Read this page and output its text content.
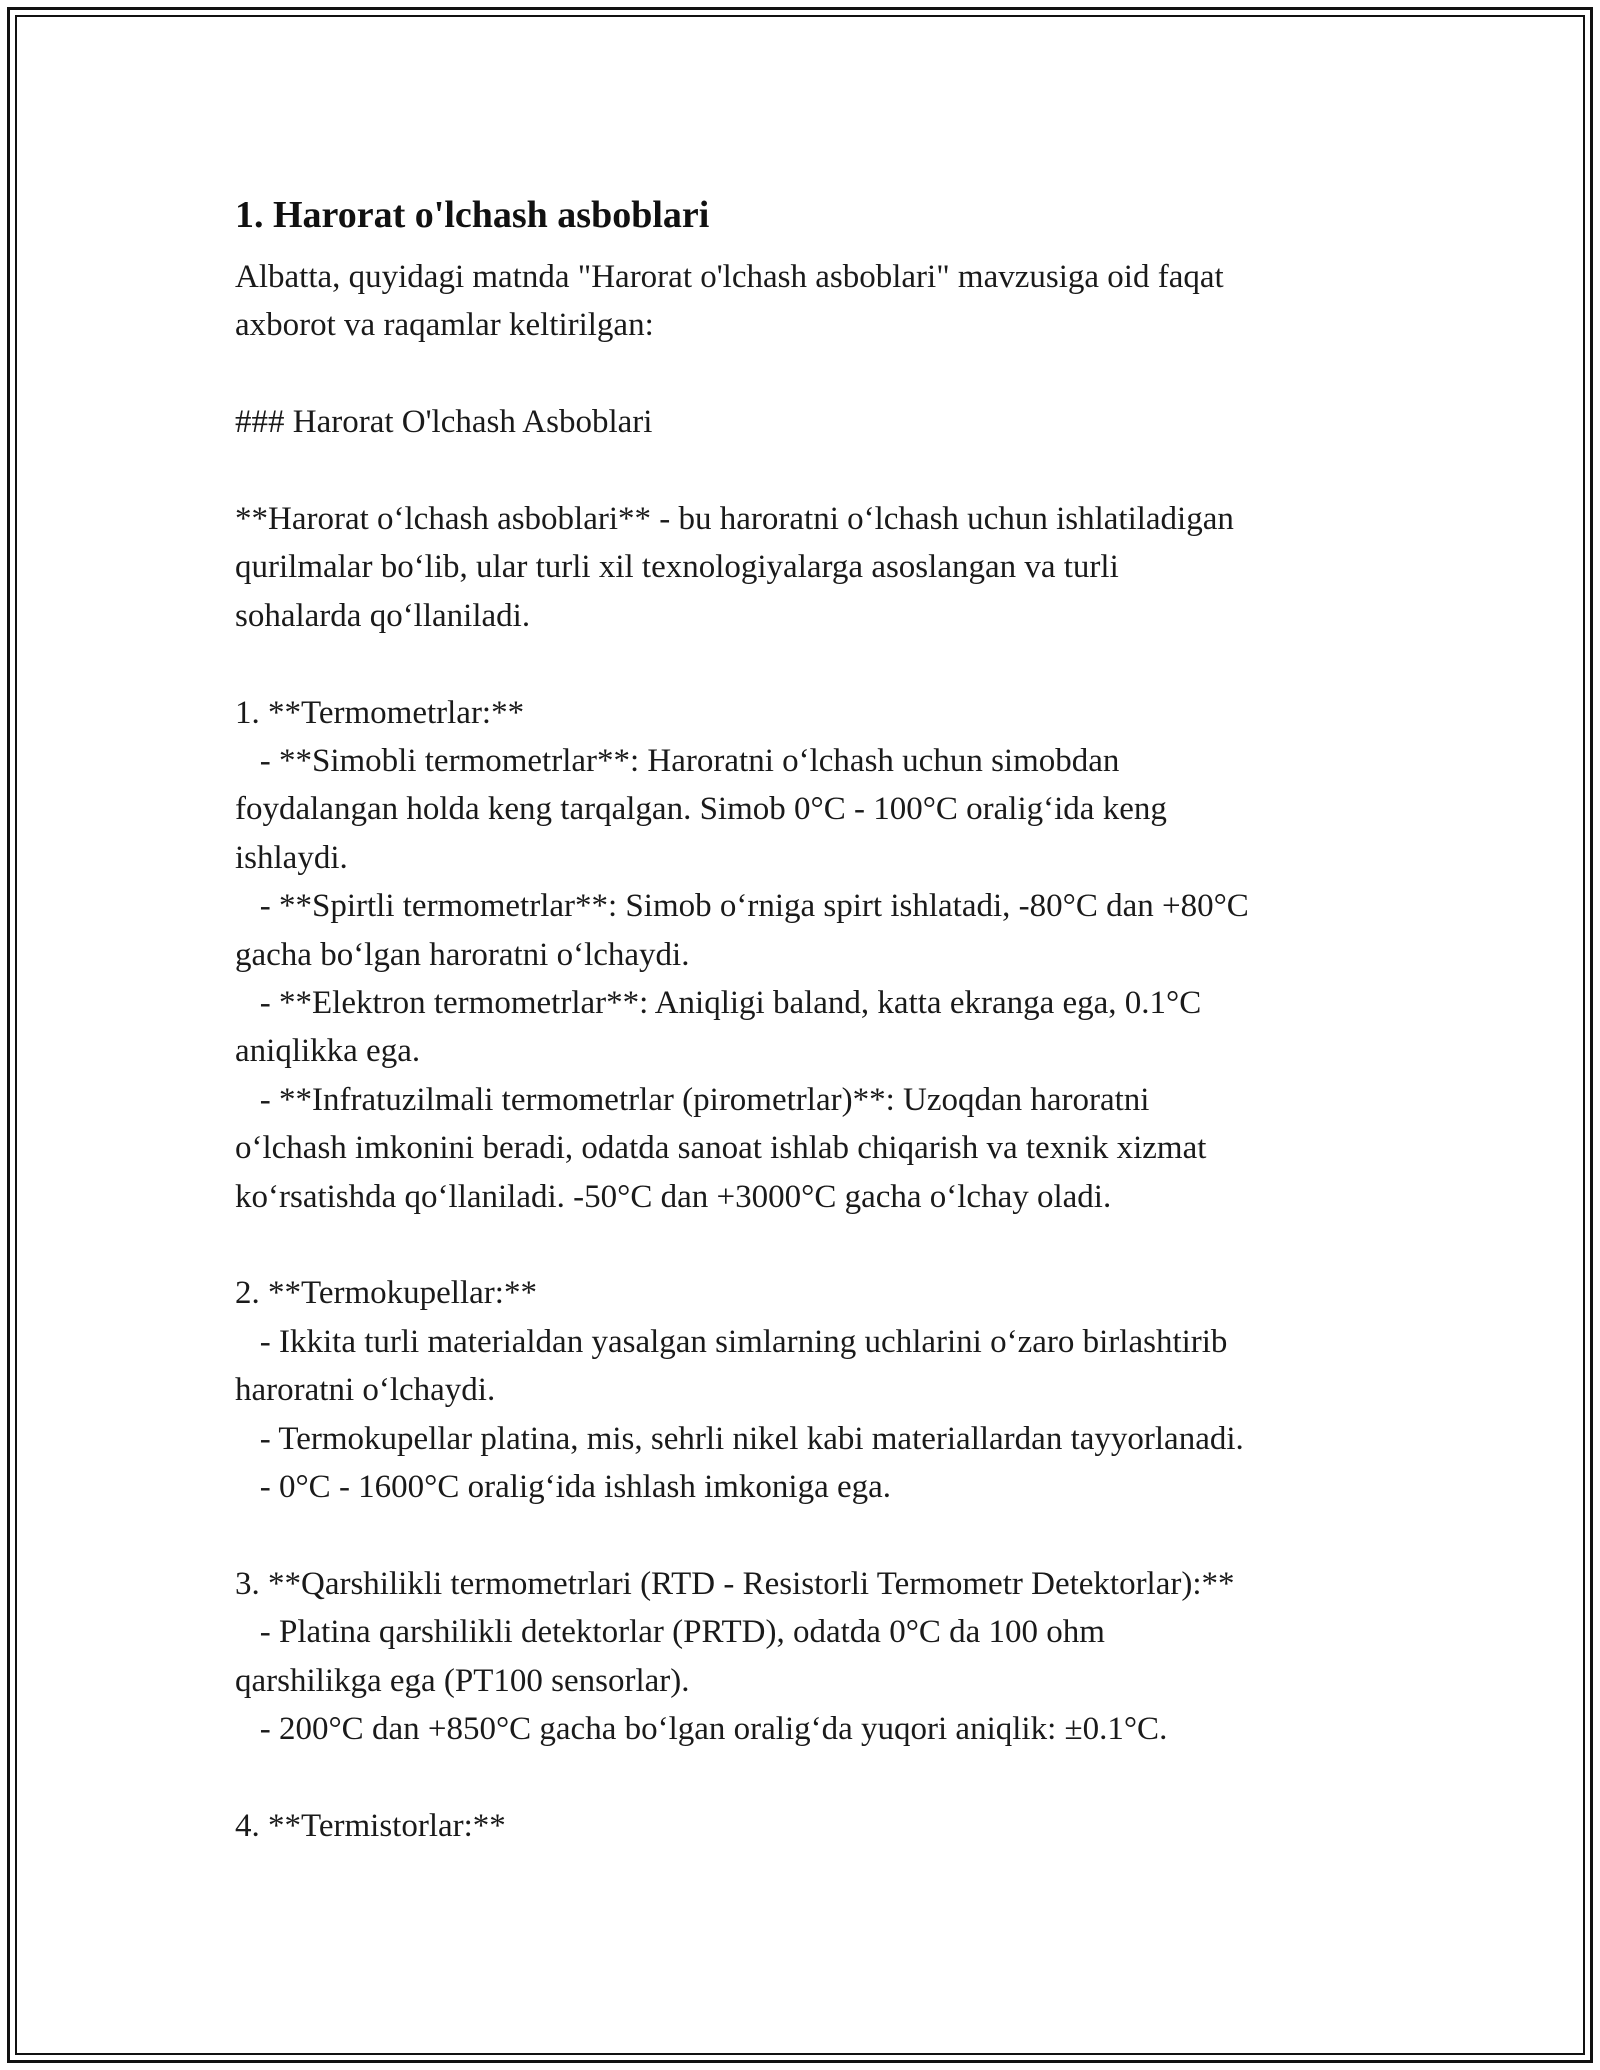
1. Harorat o'lchash asboblari
Albatta, quyidagi matnda "Harorat o'lchash asboblari" mavzusiga oid faqat
axborot va raqamlar keltirilgan:
### Harorat O'lchash Asboblari
**Harorat o‘lchash asboblari** - bu haroratni o‘lchash uchun ishlatiladigan
qurilmalar bo‘lib, ular turli xil texnologiyalarga asoslangan va turli
sohalarda qo‘llaniladi.
1. **Termometrlar:**
- **Simobli termometrlar**: Haroratni o‘lchash uchun simobdan
foydalangan holda keng tarqalgan. Simob 0°C - 100°C oralig‘ida keng
ishlaydi.
- **Spirtli termometrlar**: Simob o‘rniga spirt ishlatadi, -80°C dan +80°C
gacha bo‘lgan haroratni o‘lchaydi.
- **Elektron termometrlar**: Aniqligi baland, katta ekranga ega, 0.1°C
aniqlikka ega.
- **Infratuzilmali termometrlar (pirometrlar)**: Uzoqdan haroratni
o‘lchash imkonini beradi, odatda sanoat ishlab chiqarish va texnik xizmat
ko‘rsatishda qo‘llaniladi. -50°C dan +3000°C gacha o‘lchay oladi.
2. **Termokupellar:**
- Ikkita turli materialdan yasalgan simlarning uchlarini o‘zaro birlashtirib
haroratni o‘lchaydi.
- Termokupellar platina, mis, sehrli nikel kabi materiallardan tayyorlanadi.
- 0°C - 1600°C oralig‘ida ishlash imkoniga ega.
3. **Qarshilikli termometrlari (RTD - Resistorli Termometr Detektorlar):**
- Platina qarshilikli detektorlar (PRTD), odatda 0°C da 100 ohm
qarshilikga ega (PT100 sensorlar).
- 200°C dan +850°C gacha bo‘lgan oralig‘da yuqori aniqlik: ±0.1°C.
4. **Termistorlar:**
